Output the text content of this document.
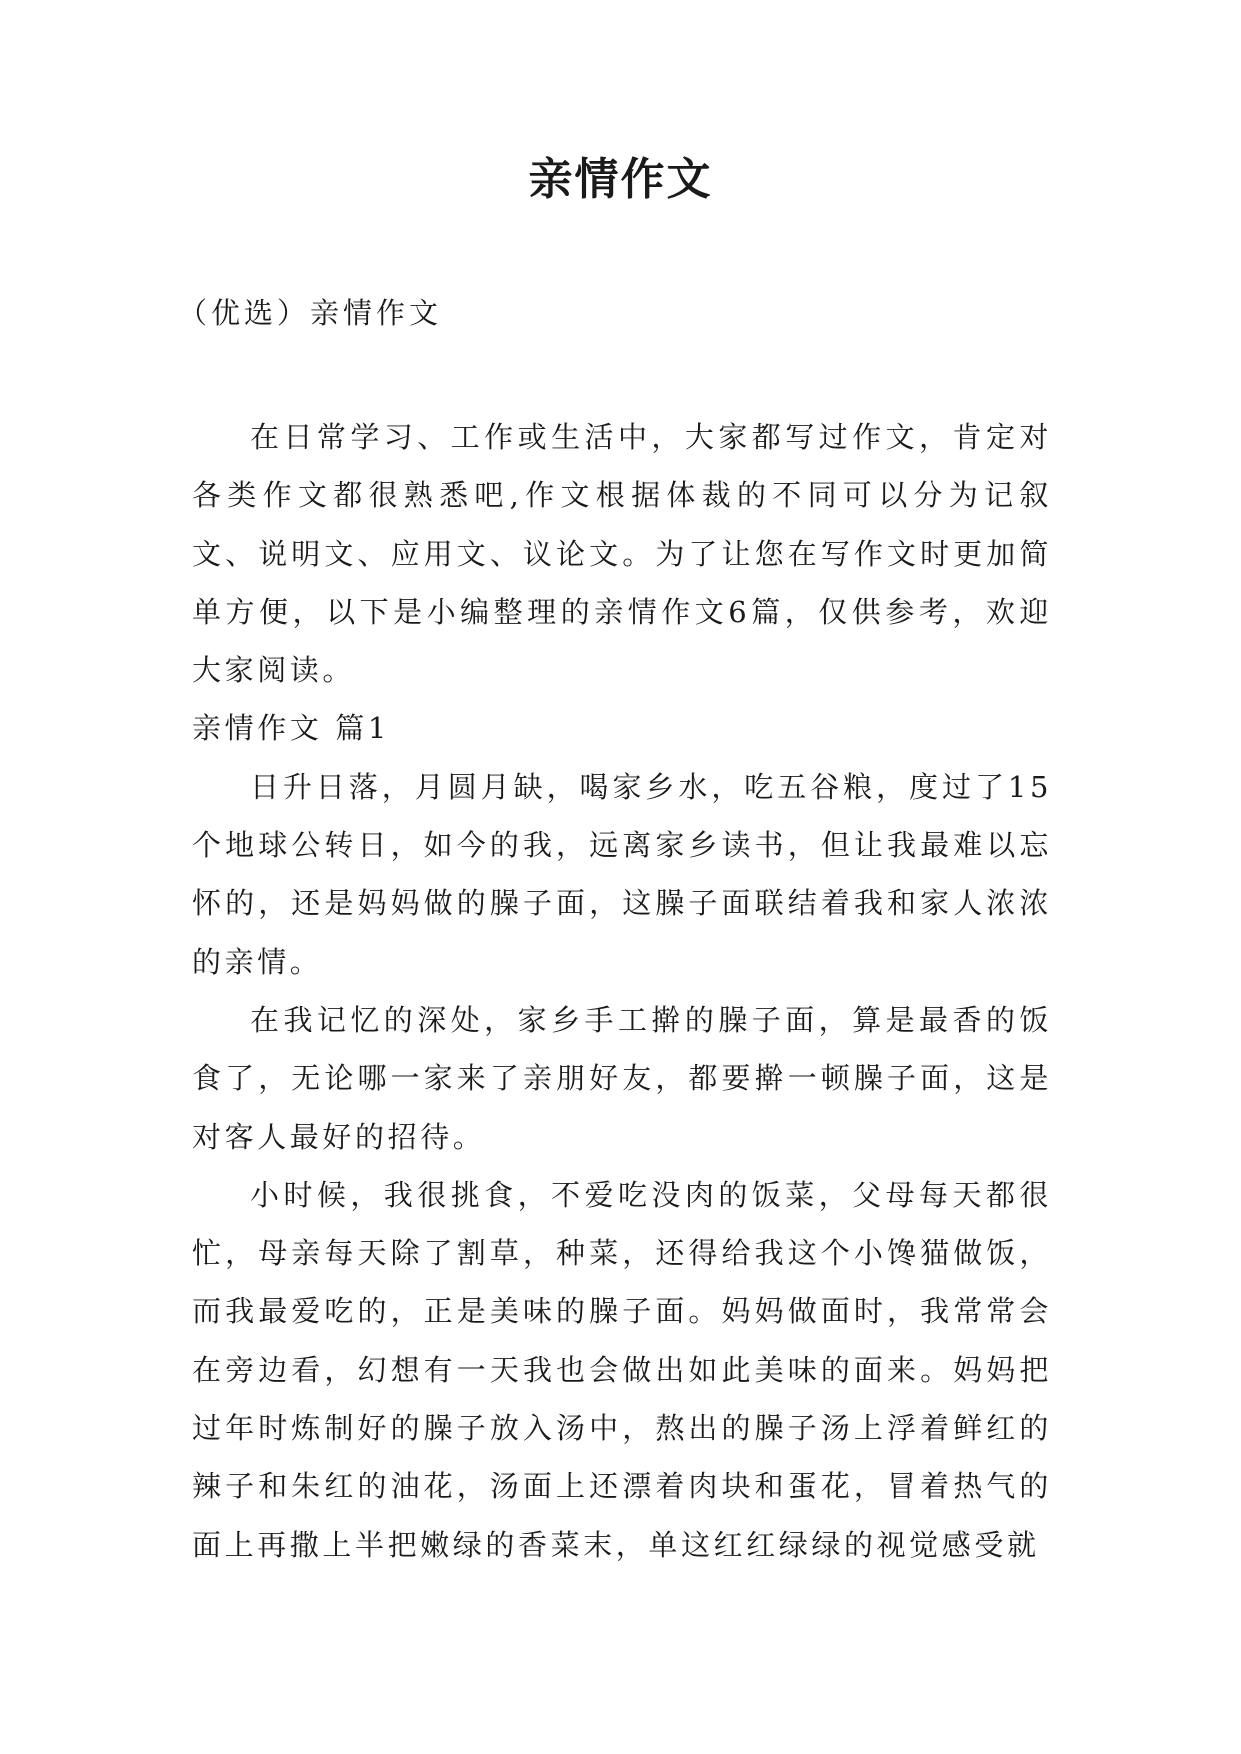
亲情作文
（优选）亲情作文

在日常学习、工作或生活中，大家都写过作文，肯定对各类作文都很熟悉吧,作文根据体裁的不同可以分为记叙文、说明文、应用文、议论文。为了让您在写作文时更加简单方便，以下是小编整理的亲情作文6篇，仅供参考，欢迎大家阅读。

亲情作文 篇1

日升日落，月圆月缺，喝家乡水，吃五谷粮，度过了15个地球公转日，如今的我，远离家乡读书，但让我最难以忘怀的，还是妈妈做的臊子面，这臊子面联结着我和家人浓浓的亲情。

在我记忆的深处，家乡手工擀的臊子面，算是最香的饭食了，无论哪一家来了亲朋好友，都要擀一顿臊子面，这是对客人最好的招待。

小时候，我很挑食，不爱吃没肉的饭菜，父母每天都很忙，母亲每天除了割草，种菜，还得给我这个小馋猫做饭，而我最爱吃的，正是美味的臊子面。妈妈做面时，我常常会在旁边看，幻想有一天我也会做出如此美味的面来。妈妈把过年时炼制好的臊子放入汤中，熬出的臊子汤上浮着鲜红的辣子和朱红的油花，汤面上还漂着肉块和蛋花，冒着热气的面上再撒上半把嫩绿的香菜末，单这红红绿绿的视觉感受就
